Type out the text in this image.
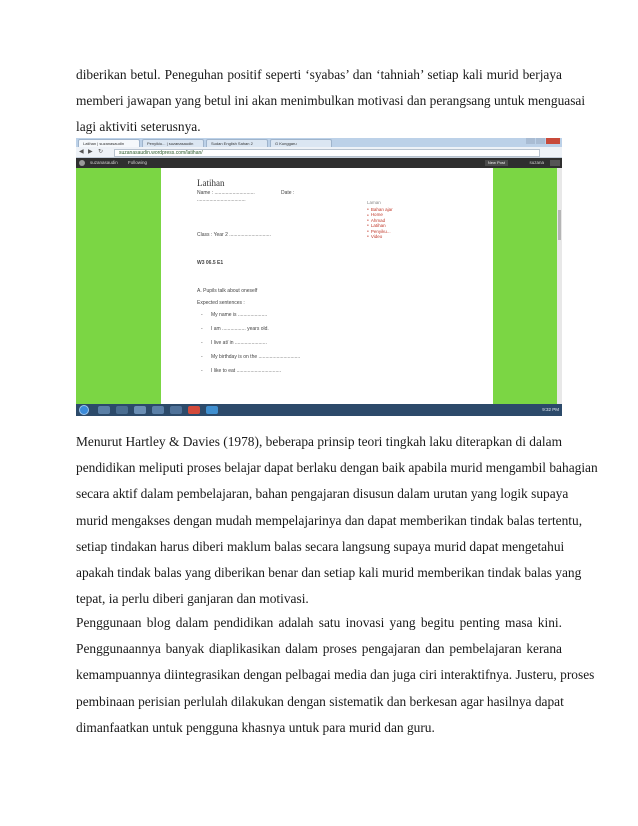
diberikan betul. Peneguhan positif seperti ‘syabas’ dan ‘tahniah’ setiap kali murid berjaya
memberi jawapan yang betul ini akan menimbulkan motivasi dan perangsang untuk menguasai
lagi aktiviti seterusnya.
Latihan | suzanasaudin	Penyikiu... | suzanasaudin	Sudan English Sahan 2	G Kunggaru
◀ ▶ ↻	suzanasaudin.wordpress.com/latihan/
suzanasaudin Following	New Post	suzana
Latihan
Name : .............................	Date :
...................................
Class : Year 2 ..............................
W3 06.5 E1
A. Pupils talk about oneself
Expected sentences :
- My name is .....................
- I am ................. years old.
- I live at/ in .......................
- My birthday is on the ..............................
- I like to eat ................................
Laman
● Bahan ajar
● Home
● Ahmad
● Latihan
● Penyiku...
● Video
9:32 PM
Menurut Hartley & Davies (1978), beberapa prinsip teori tingkah laku diterapkan di dalam
pendidikan meliputi proses belajar dapat berlaku dengan baik apabila murid mengambil bahagian
secara aktif dalam pembelajaran, bahan pengajaran disusun dalam urutan yang logik supaya
murid mengakses dengan mudah mempelajarinya dan dapat memberikan tindak balas tertentu,
setiap tindakan harus diberi maklum balas secara langsung supaya murid dapat mengetahui
apakah tindak balas yang diberikan benar dan setiap kali murid memberikan tindak balas yang
tepat, ia perlu diberi ganjaran dan motivasi.
Penggunaan blog dalam pendidikan adalah satu inovasi yang begitu penting masa kini.
Penggunaannya banyak diaplikasikan dalam proses pengajaran dan pembelajaran kerana
kemampuannya diintegrasikan dengan pelbagai media dan juga ciri interaktifnya. Justeru, proses
pembinaan perisian perlulah dilakukan dengan sistematik dan berkesan agar hasilnya dapat
dimanfaatkan untuk pengguna khasnya untuk para murid dan guru.
